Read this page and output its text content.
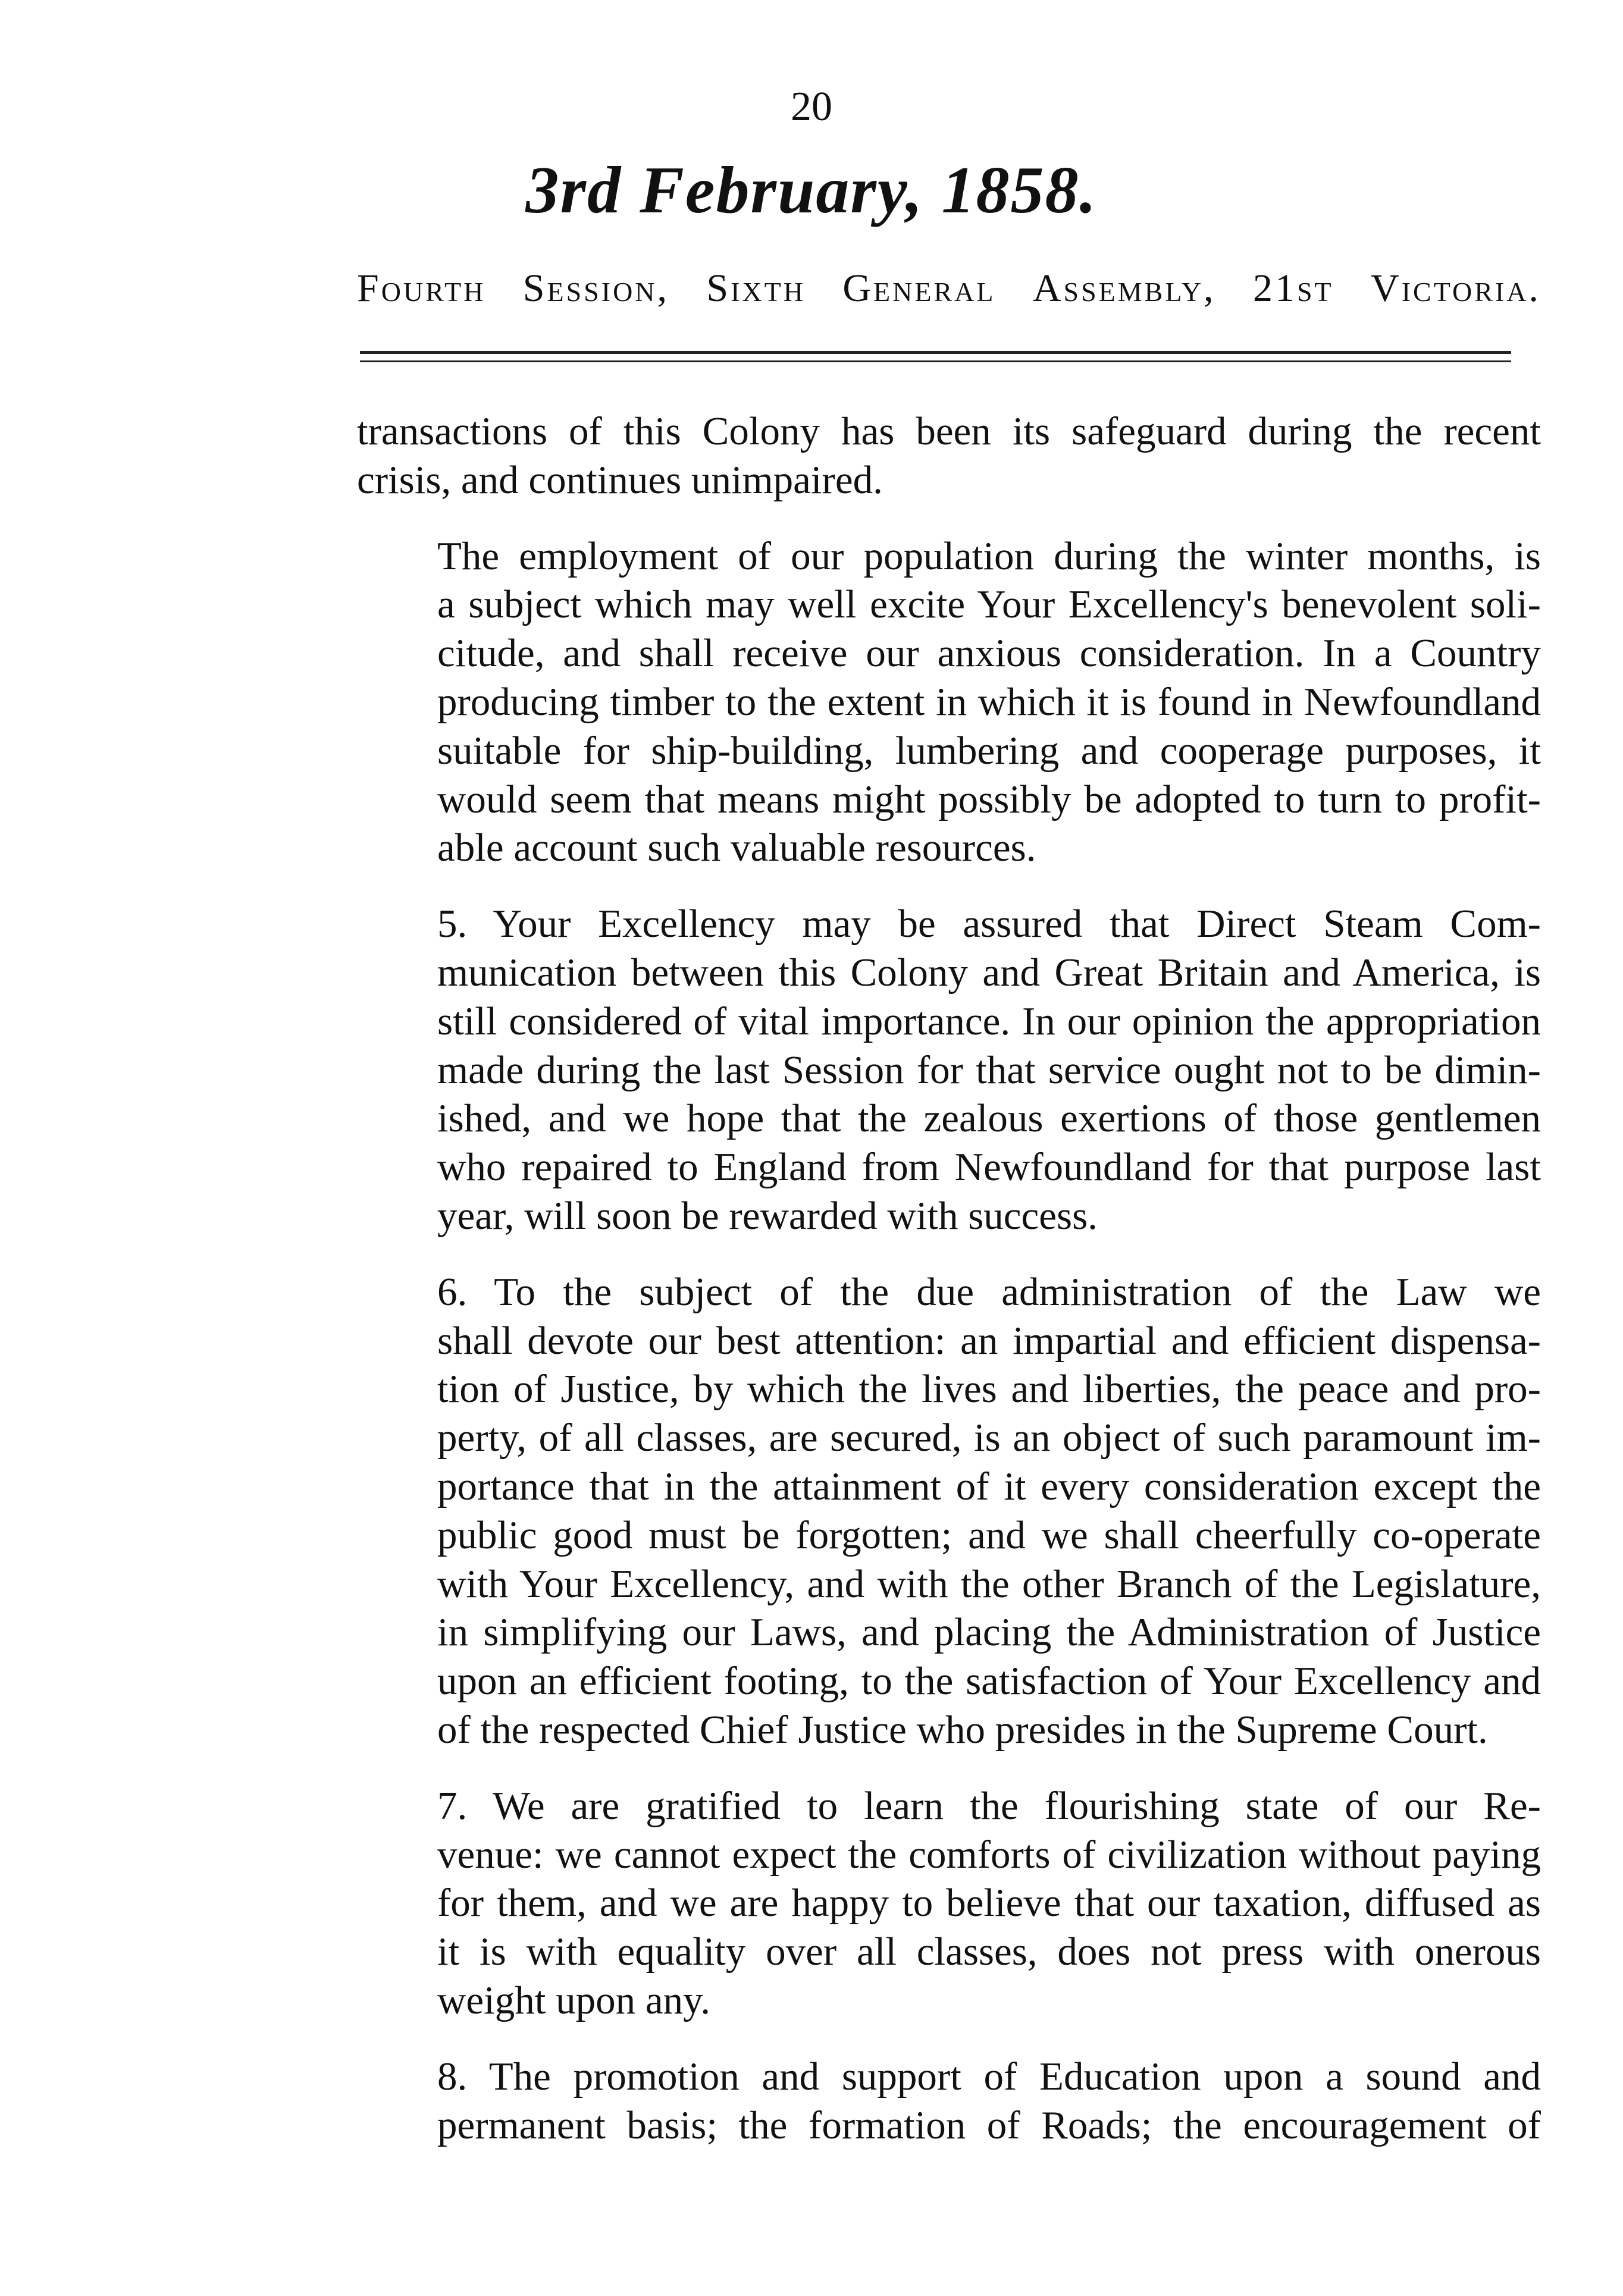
20
3rd February, 1858.
Fourth Session, Sixth General Assembly, 21st Victoria.

transactions of this Colony has been its safeguard during the recent
crisis, and continues unimpaired.

The employment of our population during the winter months, is
a subject which may well excite Your Excellency's benevolent soli-
citude, and shall receive our anxious consideration. In a Country
producing timber to the extent in which it is found in Newfoundland
suitable for ship-building, lumbering and cooperage purposes, it
would seem that means might possibly be adopted to turn to profit-
able account such valuable resources.

5. Your Excellency may be assured that Direct Steam Com-
munication between this Colony and Great Britain and America, is
still considered of vital importance. In our opinion the appropriation
made during the last Session for that service ought not to be dimin-
ished, and we hope that the zealous exertions of those gentlemen
who repaired to England from Newfoundland for that purpose last
year, will soon be rewarded with success.

6. To the subject of the due administration of the Law we
shall devote our best attention: an impartial and efficient dispensa-
tion of Justice, by which the lives and liberties, the peace and pro-
perty, of all classes, are secured, is an object of such paramount im-
portance that in the attainment of it every consideration except the
public good must be forgotten; and we shall cheerfully co-operate
with Your Excellency, and with the other Branch of the Legislature,
in simplifying our Laws, and placing the Administration of Justice
upon an efficient footing, to the satisfaction of Your Excellency and
of the respected Chief Justice who presides in the Supreme Court.

7. We are gratified to learn the flourishing state of our Re-
venue: we cannot expect the comforts of civilization without paying
for them, and we are happy to believe that our taxation, diffused as
it is with equality over all classes, does not press with onerous
weight upon any.

8. The promotion and support of Education upon a sound and
permanent basis; the formation of Roads; the encouragement of
